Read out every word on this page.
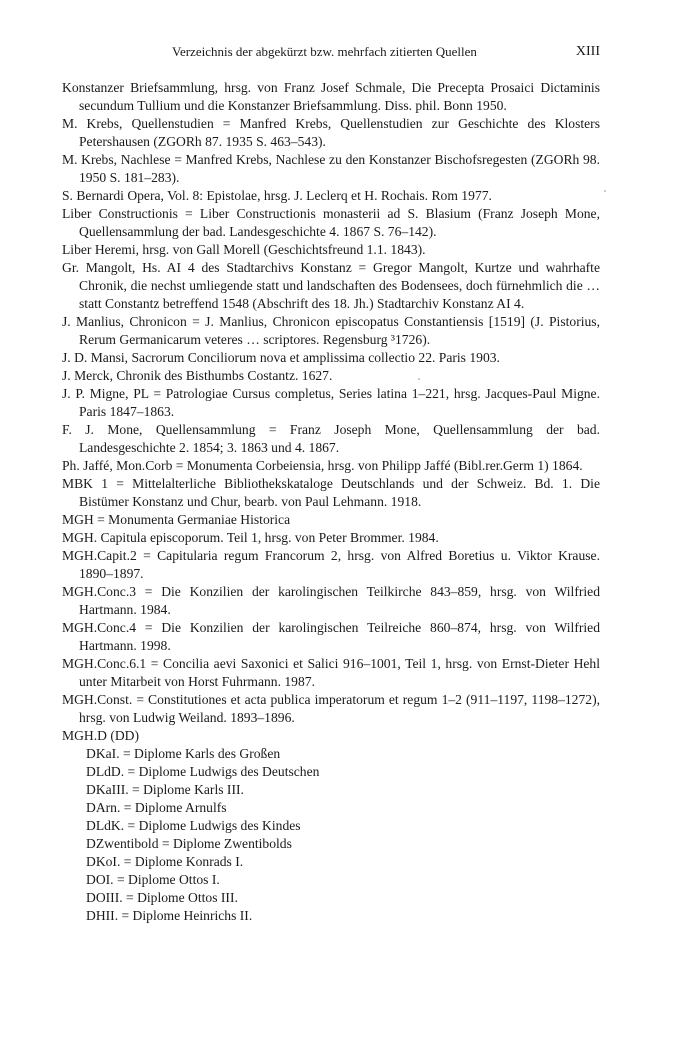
Verzeichnis der abgekürzt bzw. mehrfach zitierten Quellen	XIII

Konstanzer Briefsammlung, hrsg. von Franz Josef Schmale, Die Precepta Prosaici Dictaminis secundum Tullium und die Konstanzer Briefsammlung. Diss. phil. Bonn 1950.

M. Krebs, Quellenstudien = Manfred Krebs, Quellenstudien zur Geschichte des Klosters Petershausen (ZGORh 87. 1935 S. 463–543).

M. Krebs, Nachlese = Manfred Krebs, Nachlese zu den Konstanzer Bischofsregesten (ZGORh 98. 1950 S. 181–283).

S. Bernardi Opera, Vol. 8: Epistolae, hrsg. J. Leclerq et H. Rochais. Rom 1977.

Liber Constructionis = Liber Constructionis monasterii ad S. Blasium (Franz Joseph Mone, Quellensammlung der bad. Landesgeschichte 4. 1867 S. 76–142).

Liber Heremi, hrsg. von Gall Morell (Geschichtsfreund 1.1. 1843).

Gr. Mangolt, Hs. AI 4 des Stadtarchivs Konstanz = Gregor Mangolt, Kurtze und wahrhafte Chronik, die nechst umliegende statt und landschaften des Bodensees, doch fürnehmlich die … statt Constantz betreffend 1548 (Abschrift des 18. Jh.) Stadtarchiv Konstanz AI 4.

J. Manlius, Chronicon = J. Manlius, Chronicon episcopatus Constantiensis [1519] (J. Pistorius, Rerum Germanicarum veteres … scriptores. Regensburg ³1726).

J. D. Mansi, Sacrorum Conciliorum nova et amplissima collectio 22. Paris 1903.

J. Merck, Chronik des Bisthumbs Costantz. 1627.

J. P. Migne, PL = Patrologiae Cursus completus, Series latina 1–221, hrsg. Jacques-Paul Migne. Paris 1847–1863.

F. J. Mone, Quellensammlung = Franz Joseph Mone, Quellensammlung der bad. Landesgeschichte 2. 1854; 3. 1863 und 4. 1867.

Ph. Jaffé, Mon.Corb = Monumenta Corbeiensia, hrsg. von Philipp Jaffé (Bibl.rer.Germ 1) 1864.

MBK 1 = Mittelalterliche Bibliothekskataloge Deutschlands und der Schweiz. Bd. 1. Die Bistümer Konstanz und Chur, bearb. von Paul Lehmann. 1918.

MGH = Monumenta Germaniae Historica

MGH. Capitula episcoporum. Teil 1, hrsg. von Peter Brommer. 1984.

MGH.Capit.2 = Capitularia regum Francorum 2, hrsg. von Alfred Boretius u. Viktor Krause. 1890–1897.

MGH.Conc.3 = Die Konzilien der karolingischen Teilkirche 843–859, hrsg. von Wilfried Hartmann. 1984.

MGH.Conc.4 = Die Konzilien der karolingischen Teilreiche 860–874, hrsg. von Wilfried Hartmann. 1998.

MGH.Conc.6.1 = Concilia aevi Saxonici et Salici 916–1001, Teil 1, hrsg. von Ernst-Dieter Hehl unter Mitarbeit von Horst Fuhrmann. 1987.

MGH.Const. = Constitutiones et acta publica imperatorum et regum 1–2 (911–1197, 1198–1272), hrsg. von Ludwig Weiland. 1893–1896.

MGH.D (DD)

DKaI. = Diplome Karls des Großen

DLdD. = Diplome Ludwigs des Deutschen

DKaIII. = Diplome Karls III.

DArn. = Diplome Arnulfs

DLdK. = Diplome Ludwigs des Kindes

DZwentibold = Diplome Zwentibolds

DKoI. = Diplome Konrads I.

DOI. = Diplome Ottos I.

DOIII. = Diplome Ottos III.

DHII. = Diplome Heinrichs II.
